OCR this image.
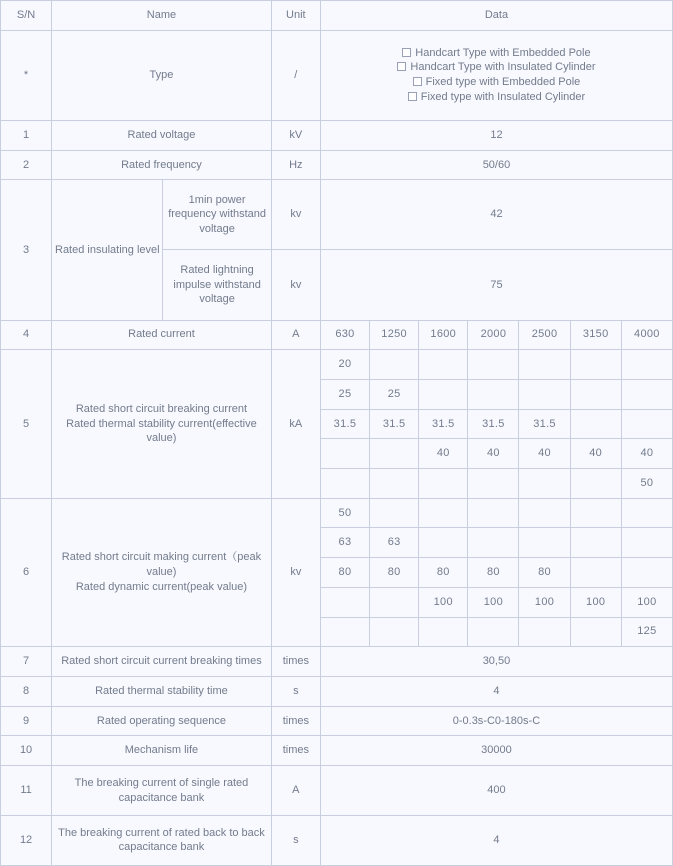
S/N	Name		Unit	Data						
*	Type		/	Handcart Type with Embedded Pole
Handcart Type with Insulated Cylinder
Fixed type with Embedded Pole
Fixed type with Insulated Cylinder						

1	Rated voltage		kV	12						
2	Rated frequency		Hz	50/60						
3	Rated insulating level	1min power frequency withstand voltage	kv	42						
		Rated lightning impulse withstand voltage	kv	75						
4	Rated current		A	630	1250	1600	2000	2500	3150	4000
5	Rated short circuit breaking current
Rated thermal stability current(effective value)		kA	20						
				25	25					
				31.5	31.5	31.5	31.5	31.5		
						40	40	40	40	40
										50
6	Rated short circuit making current（peak value)
Rated dynamic current(peak value)		kv	50						
				63	63					
				80	80	80	80	80		
						100	100	100	100	100
										125
7	Rated short circuit current breaking times		times	30,50						
8	Rated thermal stability time		s	4						
9	Rated operating sequence		times	0-0.3s-C0-180s-C						
10	Mechanism life		times	30000						
11	The breaking current of single rated capacitance bank		A	400						
12	The breaking current of rated back to back capacitance bank		s	4						
